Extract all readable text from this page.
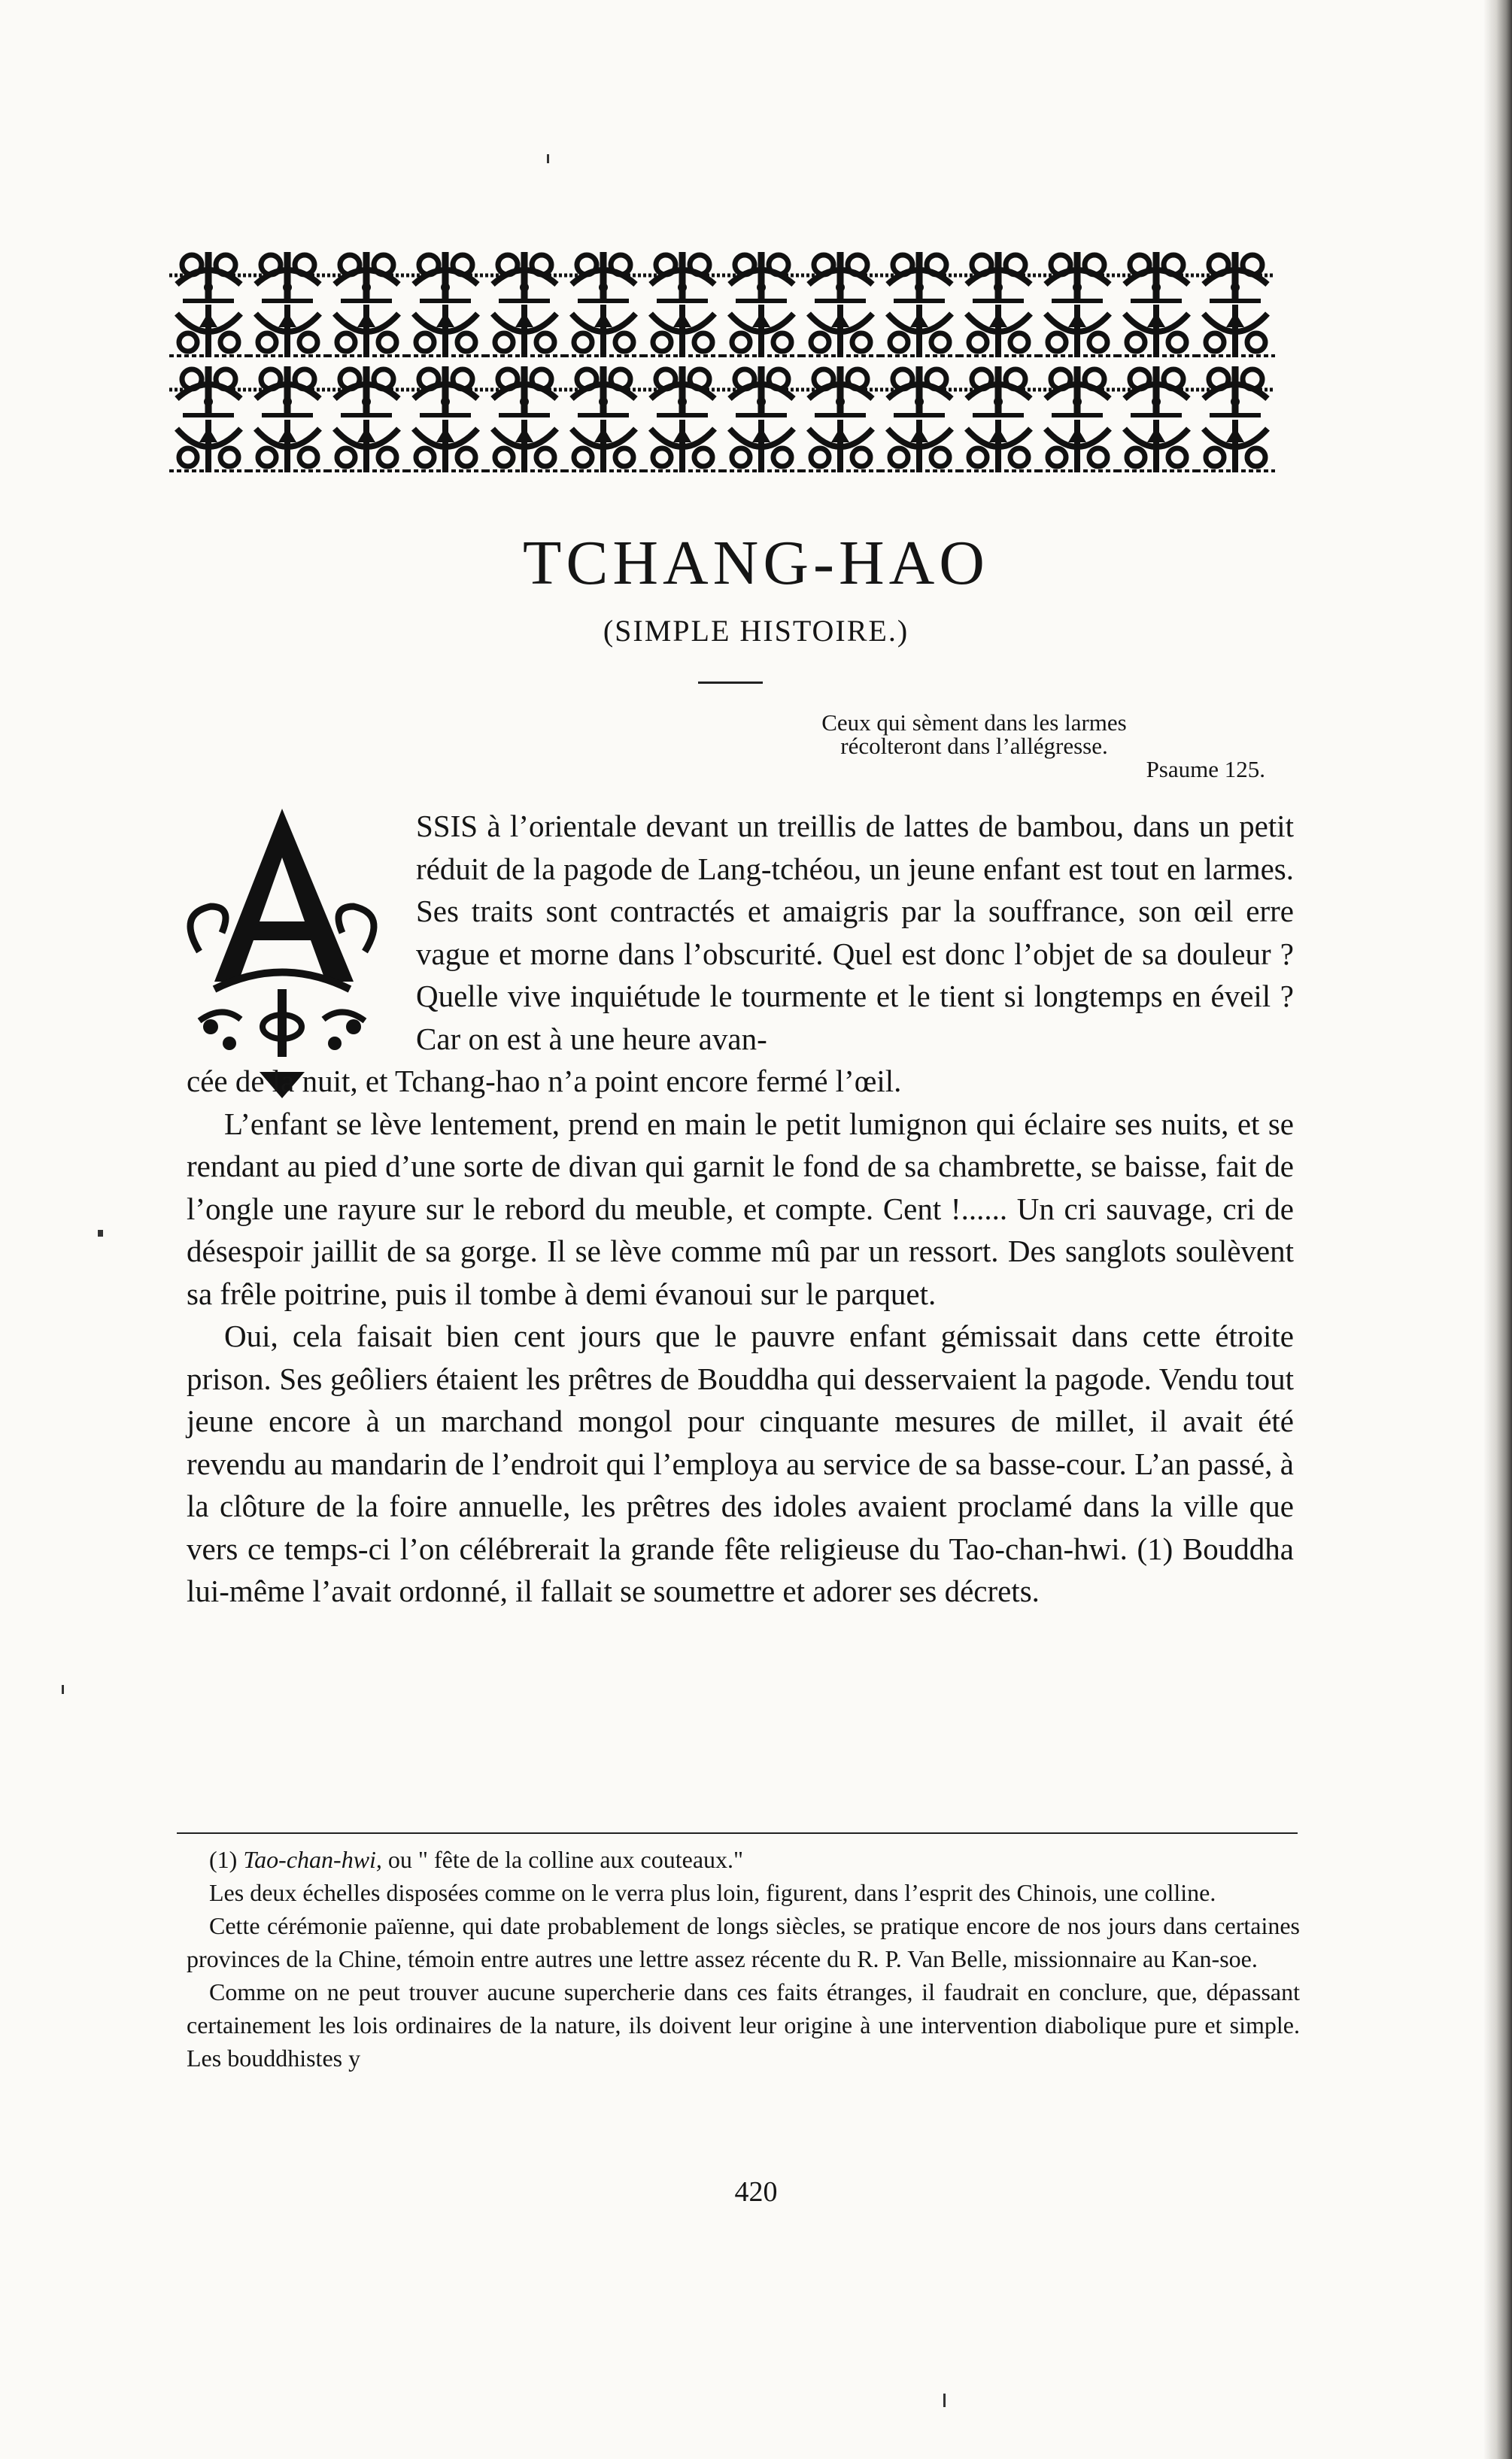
TCHANG-HAO
(SIMPLE HISTOIRE.)
Ceux qui sèment dans les larmes
récolteront dans l’allégresse.
Psaume 125.

SSIS à l’orientale devant un treillis de lattes de bambou, dans un petit réduit de la pagode de Lang-tchéou, un jeune enfant est tout en larmes. Ses traits sont contractés et amaigris par la souffrance, son œil erre vague et morne dans l’obscurité. Quel est donc l’objet de sa douleur ? Quelle vive inquiétude le tourmente et le tient si longtemps en éveil ? Car on est à une heure avan-

cée de la nuit, et Tchang-hao n’a point encore fermé l’œil.

L’enfant se lève lentement, prend en main le petit lumignon qui éclaire ses nuits, et se rendant au pied d’une sorte de divan qui garnit le fond de sa chambrette, se baisse, fait de l’ongle une rayure sur le rebord du meuble, et compte. Cent !...... Un cri sauvage, cri de désespoir jaillit de sa gorge. Il se lève comme mû par un ressort. Des sanglots soulèvent sa frêle poitrine, puis il tombe à demi évanoui sur le parquet.

Oui, cela faisait bien cent jours que le pauvre enfant gémissait dans cette étroite prison. Ses geôliers étaient les prêtres de Bouddha qui desservaient la pagode. Vendu tout jeune encore à un marchand mongol pour cinquante mesures de millet, il avait été revendu au mandarin de l’endroit qui l’employa au service de sa basse-cour. L’an passé, à la clôture de la foire annuelle, les prêtres des idoles avaient proclamé dans la ville que vers ce temps-ci l’on célébrerait la grande fête religieuse du Tao-chan-hwi. (1) Bouddha lui-même l’avait ordonné, il fallait se soumettre et adorer ses décrets.

(1) Tao-chan-hwi, ou " fête de la colline aux couteaux."

Les deux échelles disposées comme on le verra plus loin, figurent, dans l’esprit des Chinois, une colline.

Cette cérémonie païenne, qui date probablement de longs siècles, se pratique encore de nos jours dans certaines provinces de la Chine, témoin entre autres une lettre assez récente du R. P. Van Belle, missionnaire au Kan-soe.

Comme on ne peut trouver aucune supercherie dans ces faits étranges, il faudrait en conclure, que, dépassant certainement les lois ordinaires de la nature, ils doivent leur origine à une intervention diabolique pure et simple. Les bouddhistes y

420
